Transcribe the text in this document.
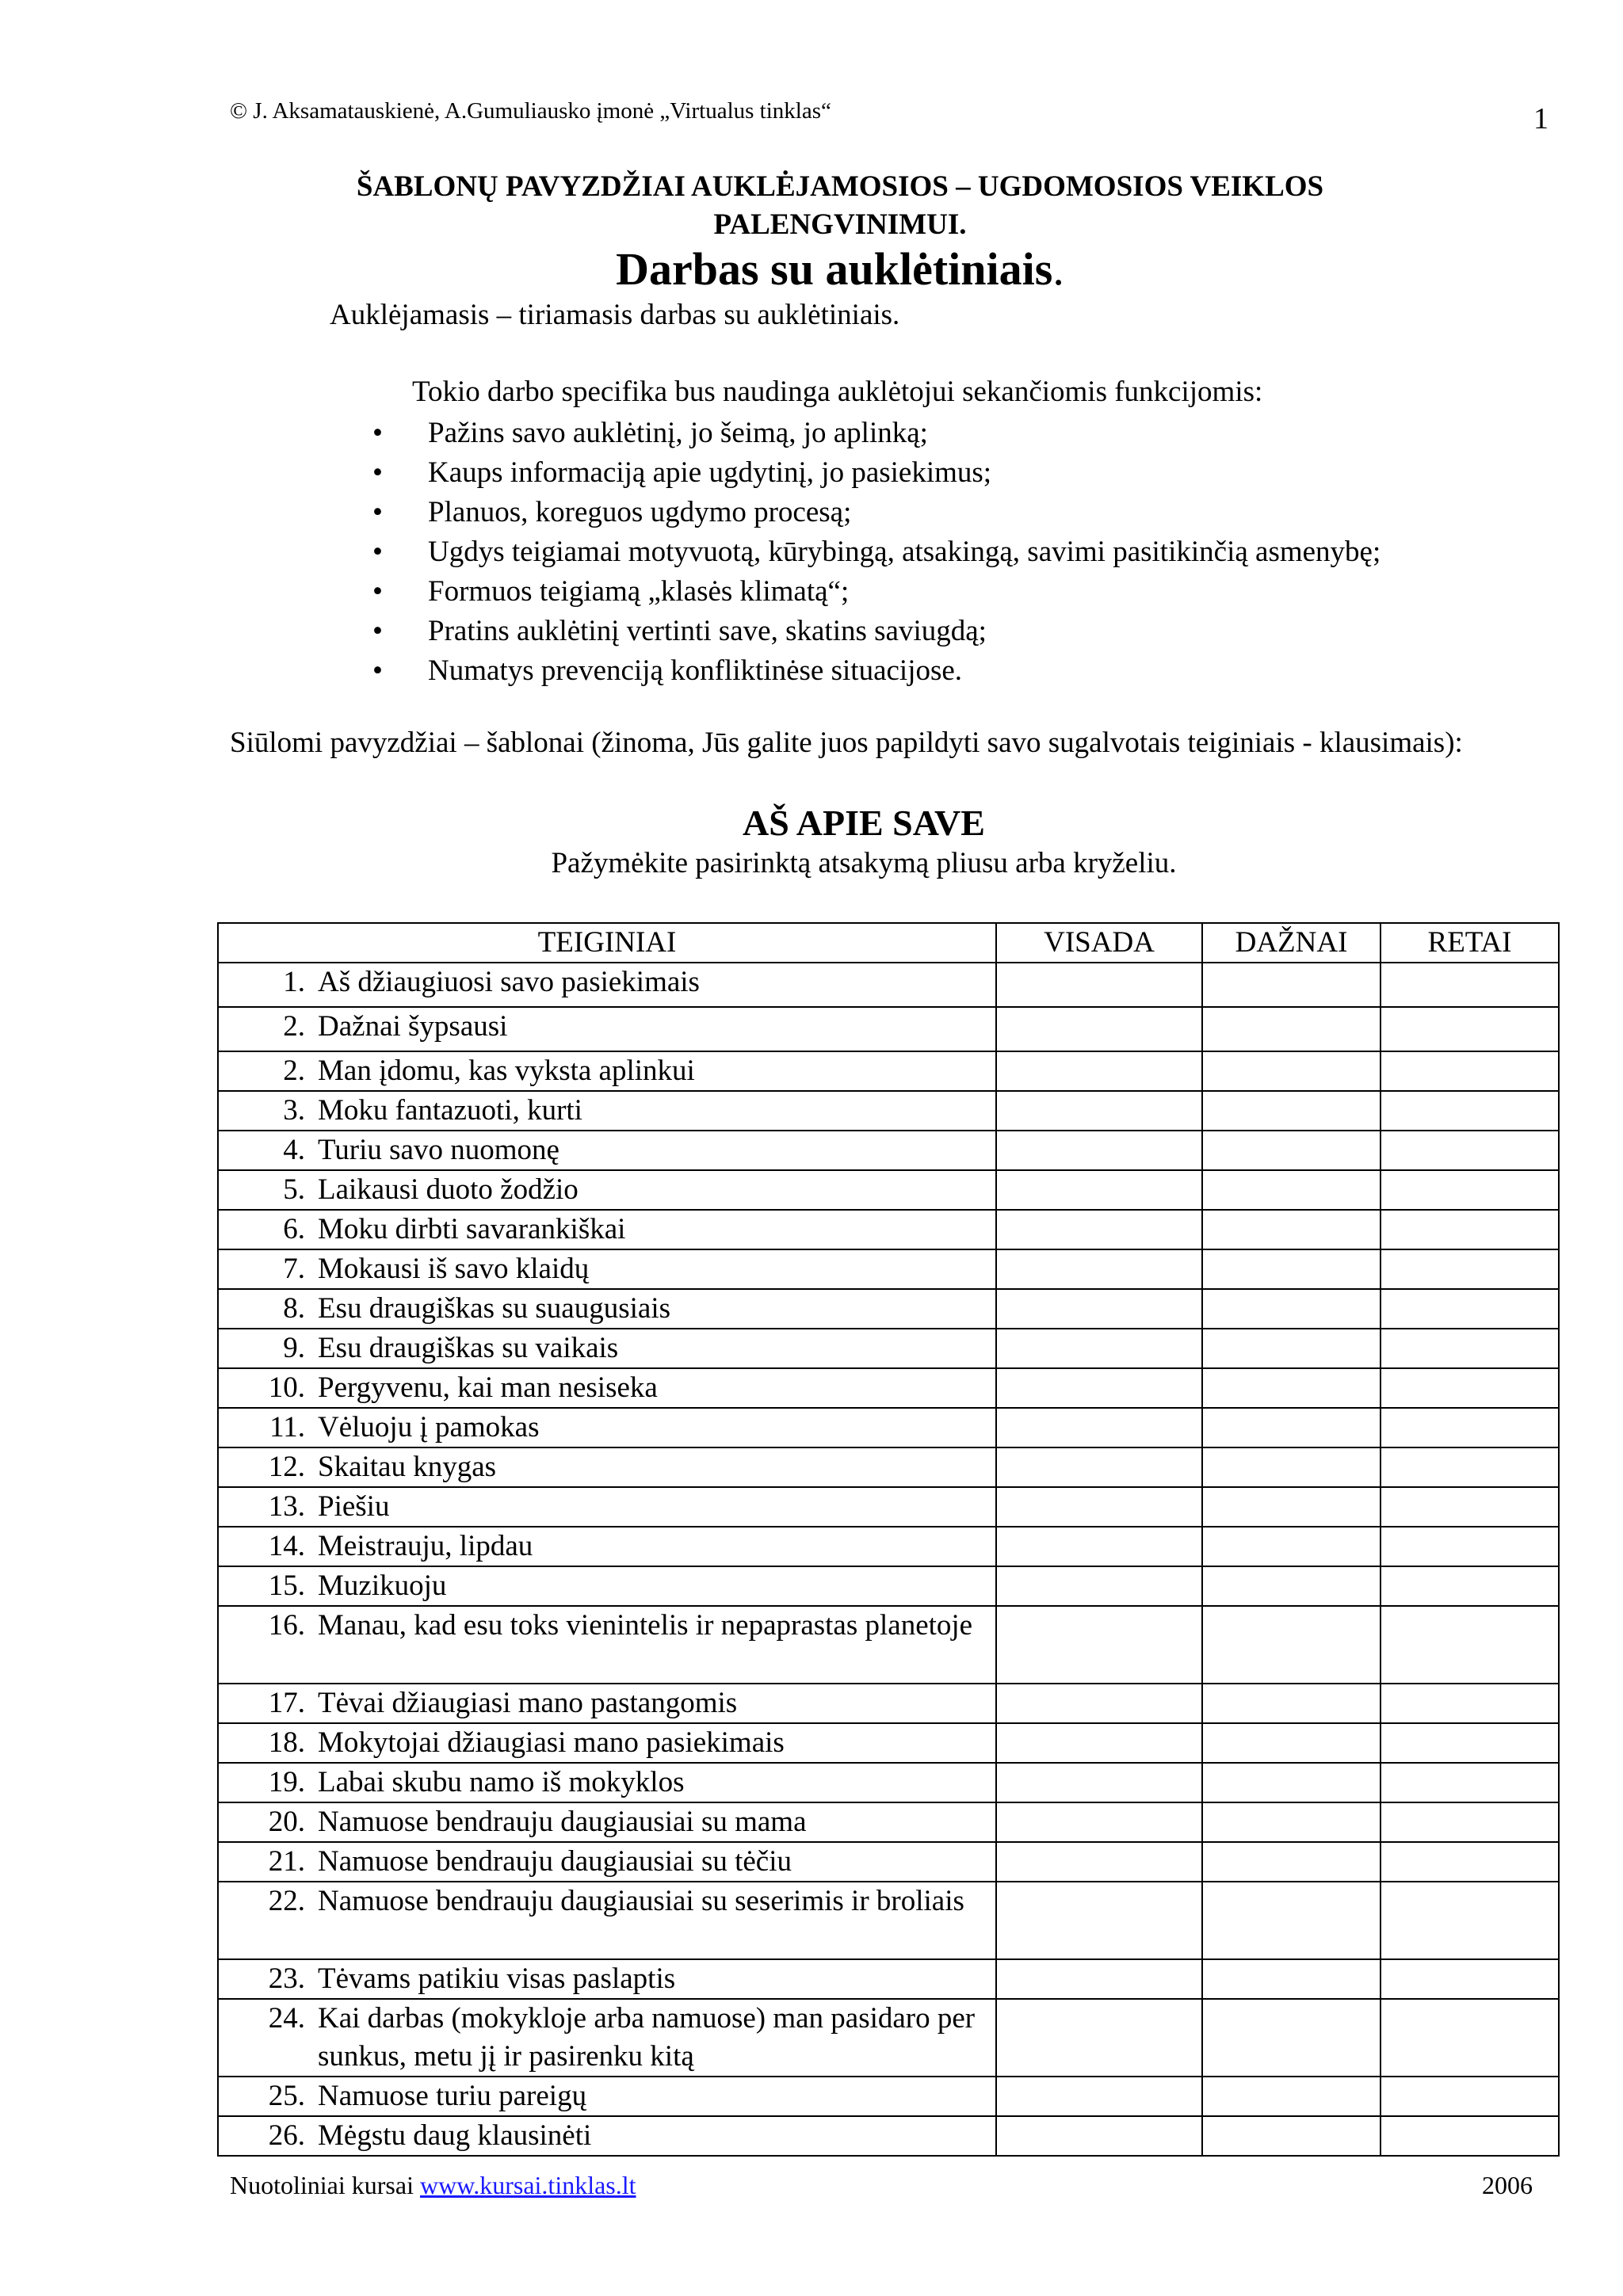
© J. Aksamatauskienė, A.Gumuliausko įmonė „Virtualus tinklas“	1
ŠABLONŲ PAVYZDŽIAI AUKLĖJAMOSIOS – UGDOMOSIOS VEIKLOS
PALENGVINIMUI.
Darbas su auklėtiniais.
Auklėjamasis – tiriamasis darbas su auklėtiniais.
Tokio darbo specifika bus naudinga auklėtojui sekančiomis funkcijomis:
•	Pažins savo auklėtinį, jo šeimą, jo aplinką;
•	Kaups informaciją apie ugdytinį, jo pasiekimus;
•	Planuos, koreguos ugdymo procesą;
•	Ugdys teigiamai motyvuotą, kūrybingą, atsakingą, savimi pasitikinčią asmenybę;
•	Formuos teigiamą „klasės klimatą“;
•	Pratins auklėtinį vertinti save, skatins saviugdą;
•	Numatys prevenciją konfliktinėse situacijose.
Siūlomi pavyzdžiai – šablonai (žinoma, Jūs galite juos papildyti savo sugalvotais teiginiais - klausimais):
AŠ APIE SAVE
Pažymėkite pasirinktą atsakymą pliusu arba kryželiu.
TEIGINIAI	VISADA	DAŽNAI	RETAI

1. Aš džiaugiuosi savo pasiekimais			

2. Dažnai šypsausi			

2. Man įdomu, kas vyksta aplinkui			

3. Moku fantazuoti, kurti			

4. Turiu savo nuomonę			

5. Laikausi duoto žodžio			

6. Moku dirbti savarankiškai			

7. Mokausi iš savo klaidų			

8. Esu draugiškas su suaugusiais			

9. Esu draugiškas su vaikais			

10. Pergyvenu, kai man nesiseka			

11. Vėluoju į pamokas			

12. Skaitau knygas			

13. Piešiu			

14. Meistrauju, lipdau			

15. Muzikuoju			

16. Manau, kad esu toks vienintelis ir nepaprastas planetoje			

17. Tėvai džiaugiasi mano pastangomis			

18. Mokytojai džiaugiasi mano pasiekimais			

19. Labai skubu namo iš mokyklos			

20. Namuose bendrauju daugiausiai su mama			

21. Namuose bendrauju daugiausiai su tėčiu			

22. Namuose bendrauju daugiausiai su seserimis ir broliais			

23. Tėvams patikiu visas paslaptis			

24. Kai darbas (mokykloje arba namuose) man pasidaro per sunkus, metu jį ir pasirenku kitą			

25. Namuose turiu pareigų			

26. Mėgstu daug klausinėti			

Nuotoliniai kursai www.kursai.tinklas.lt	2006
